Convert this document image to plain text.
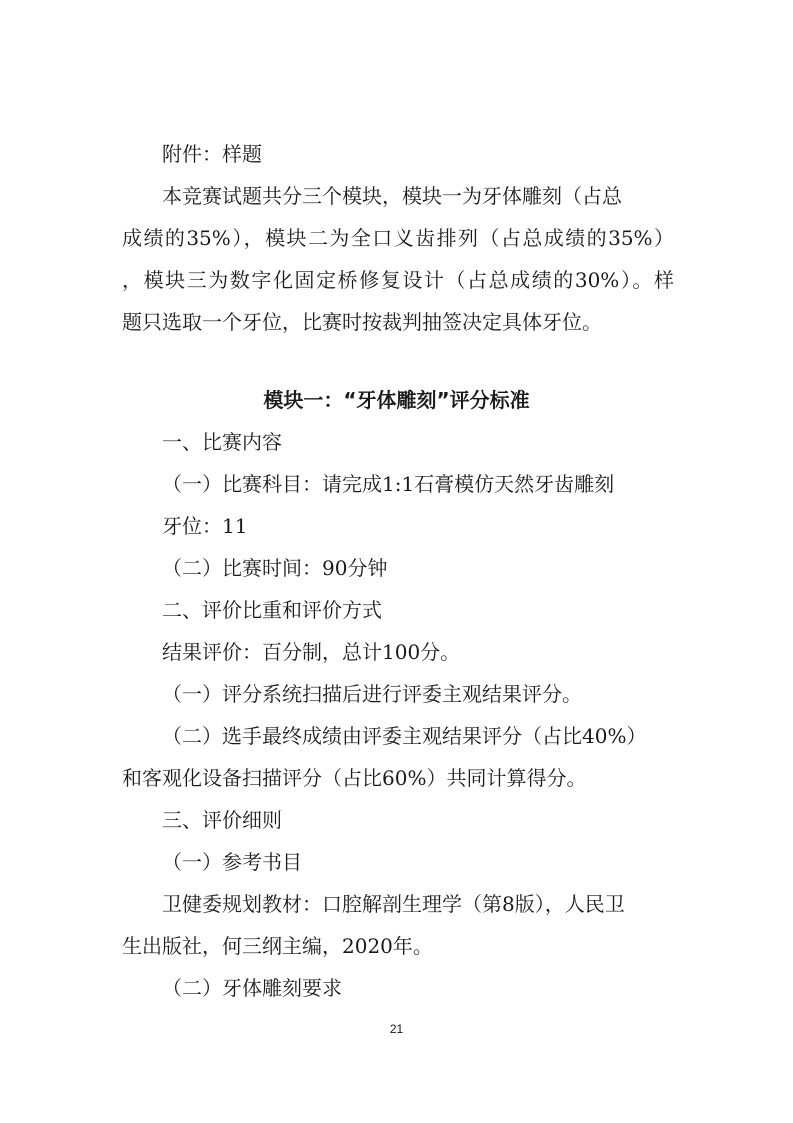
附件：样题
本竞赛试题共分三个模块，模块一为牙体雕刻（占总
成绩的35%），模块二为全口义齿排列（占总成绩的35%）
，模块三为数字化固定桥修复设计（占总成绩的30%）。样
题只选取一个牙位，比赛时按裁判抽签决定具体牙位。
模块一：“牙体雕刻”评分标准
一、比赛内容
（一）比赛科目：请完成1:1石膏模仿天然牙齿雕刻
牙位：11
（二）比赛时间：90分钟
二、评价比重和评价方式
结果评价：百分制，总计100分。
（一）评分系统扫描后进行评委主观结果评分。
（二）选手最终成绩由评委主观结果评分（占比40%）
和客观化设备扫描评分（占比60%）共同计算得分。
三、评价细则
（一）参考书目
卫健委规划教材：口腔解剖生理学（第8版），人民卫
生出版社，何三纲主编，2020年。
（二）牙体雕刻要求
21
